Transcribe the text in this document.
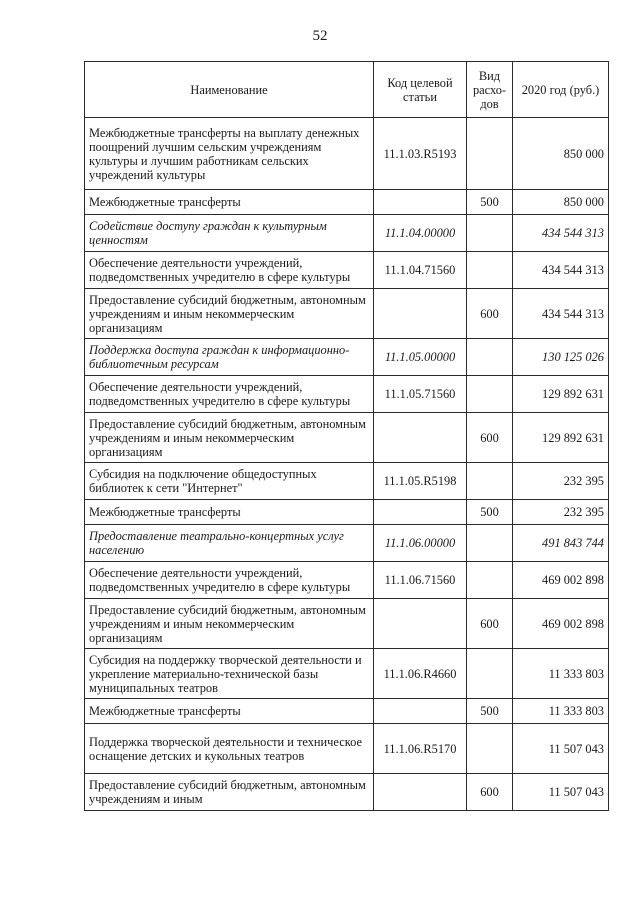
52
Наименование	Код целевой статьи	Вид расхо-дов	2020 год (руб.)
Межбюджетные трансферты на выплату денежных поощрений лучшим сельским учреждениям культуры и лучшим работникам сельских учреждений культуры	11.1.03.R5193		850 000
Межбюджетные трансферты		500	850 000
Содействие доступу граждан к культурным ценностям	11.1.04.00000		434 544 313
Обеспечение деятельности учреждений, подведомственных учредителю в сфере культуры	11.1.04.71560		434 544 313
Предоставление субсидий бюджетным, автономным учреждениям и иным некоммерческим организациям		600	434 544 313
Поддержка доступа граждан к информационно-библиотечным ресурсам	11.1.05.00000		130 125 026
Обеспечение деятельности учреждений, подведомственных учредителю в сфере культуры	11.1.05.71560		129 892 631
Предоставление субсидий бюджетным, автономным учреждениям и иным некоммерческим организациям		600	129 892 631
Субсидия на подключение общедоступных библиотек к сети "Интернет"	11.1.05.R5198		232 395
Межбюджетные трансферты		500	232 395
Предоставление театрально-концертных услуг населению	11.1.06.00000		491 843 744
Обеспечение деятельности учреждений, подведомственных учредителю в сфере культуры	11.1.06.71560		469 002 898
Предоставление субсидий бюджетным, автономным учреждениям и иным некоммерческим организациям		600	469 002 898
Субсидия на поддержку творческой деятельности и укрепление материально-технической базы муниципальных театров	11.1.06.R4660		11 333 803
Межбюджетные трансферты		500	11 333 803
Поддержка творческой деятельности и техническое оснащение детских и кукольных театров	11.1.06.R5170		11 507 043
Предоставление субсидий бюджетным, автономным учреждениям и иным		600	11 507 043
